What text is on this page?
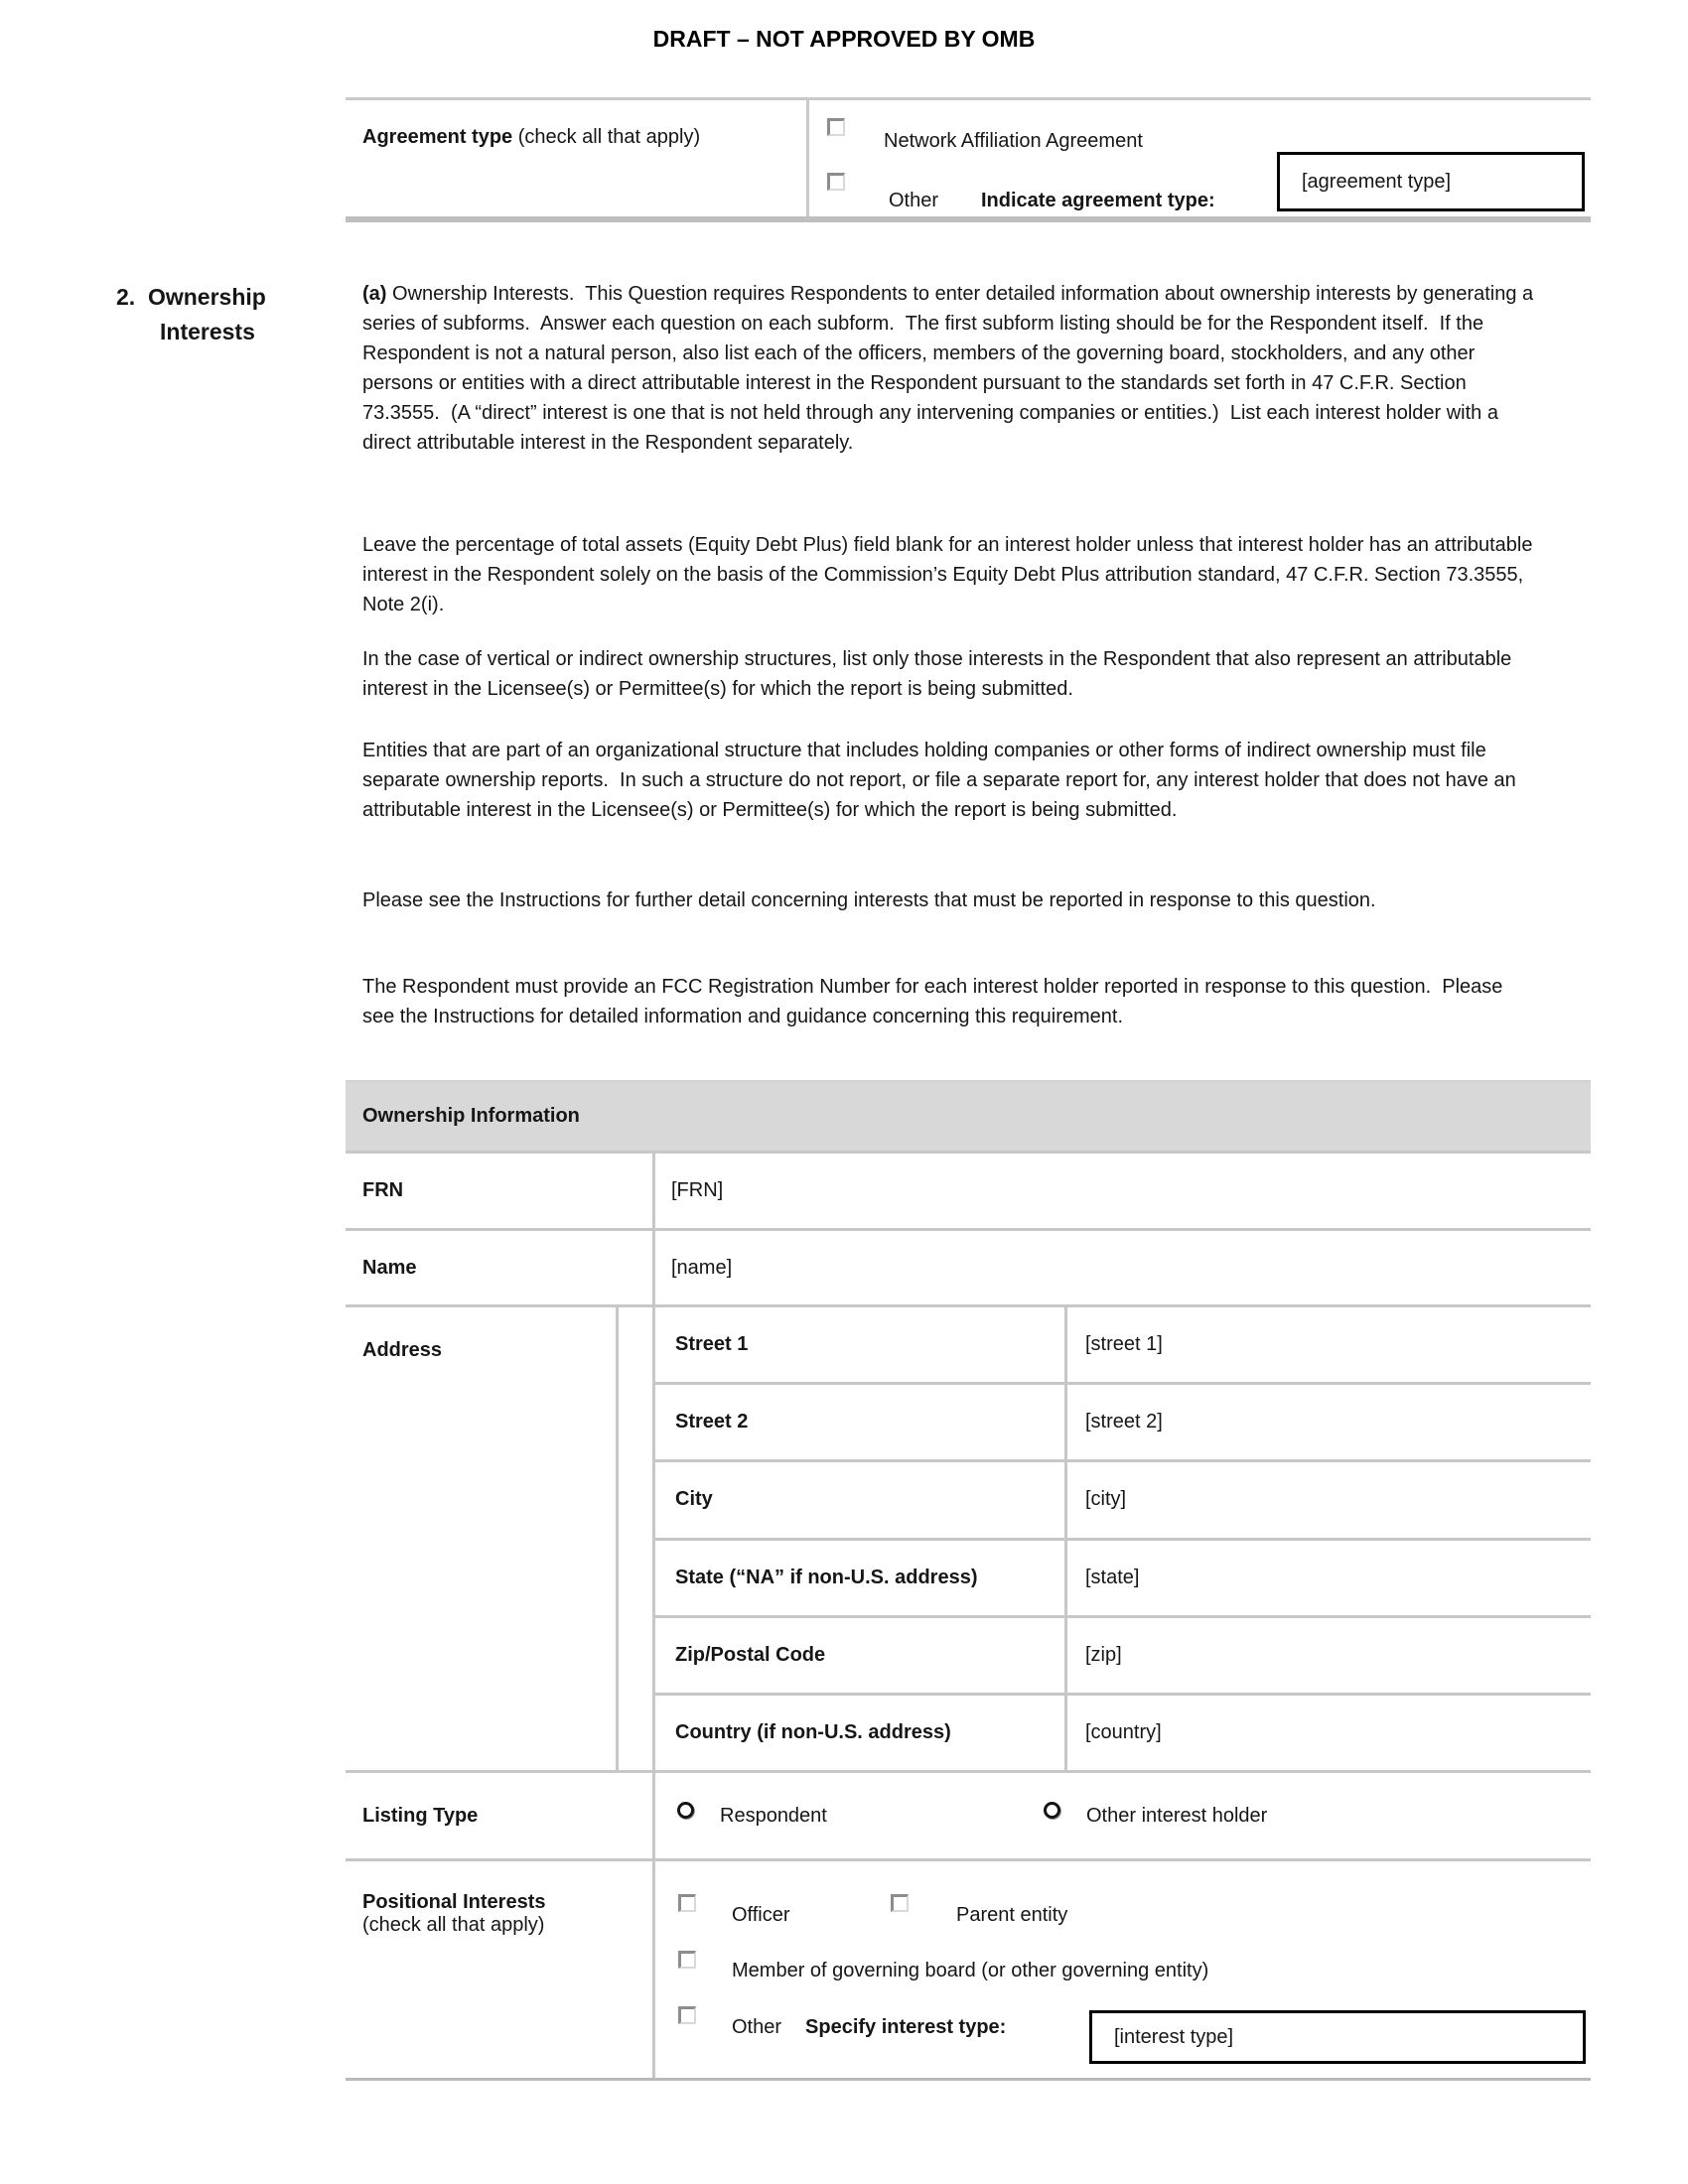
DRAFT – NOT APPROVED BY OMB
Agreement type (check all that apply)	Network Affiliation Agreement
Other Indicate agreement type:
[agreement type]
2.  Ownership Interests

(a) Ownership Interests.  This Question requires Respondents to enter detailed information about ownership interests by generating a series of subforms.  Answer each question on each subform.  The first subform listing should be for the Respondent itself.  If the Respondent is not a natural person, also list each of the officers, members of the governing board, stockholders, and any other persons or entities with a direct attributable interest in the Respondent pursuant to the standards set forth in 47 C.F.R. Section 73.3555.  (A “direct” interest is one that is not held through any intervening companies or entities.)  List each interest holder with a direct attributable interest in the Respondent separately.

Leave the percentage of total assets (Equity Debt Plus) field blank for an interest holder unless that interest holder has an attributable interest in the Respondent solely on the basis of the Commission’s Equity Debt Plus attribution standard, 47 C.F.R. Section 73.3555, Note 2(i).

In the case of vertical or indirect ownership structures, list only those interests in the Respondent that also represent an attributable interest in the Licensee(s) or Permittee(s) for which the report is being submitted.

Entities that are part of an organizational structure that includes holding companies or other forms of indirect ownership must file separate ownership reports.  In such a structure do not report, or file a separate report for, any interest holder that does not have an attributable interest in the Licensee(s) or Permittee(s) for which the report is being submitted.

Please see the Instructions for further detail concerning interests that must be reported in response to this question.

The Respondent must provide an FCC Registration Number for each interest holder reported in response to this question.  Please see the Instructions for detailed information and guidance concerning this requirement.

Ownership Information
FRN	[FRN]
Name	[name]
Address	Street 1	[street 1]
Street 2	[street 2]
City	[city]
State (“NA” if non-U.S. address)	[state]
Zip/Postal Code	[zip]
Country (if non-U.S. address)	[country]
Listing Type	Respondent	Other interest holder
Positional Interests
(check all that apply)	Officer	Parent entity
Member of governing board (or other governing entity)
Other Specify interest type:	[interest type]
